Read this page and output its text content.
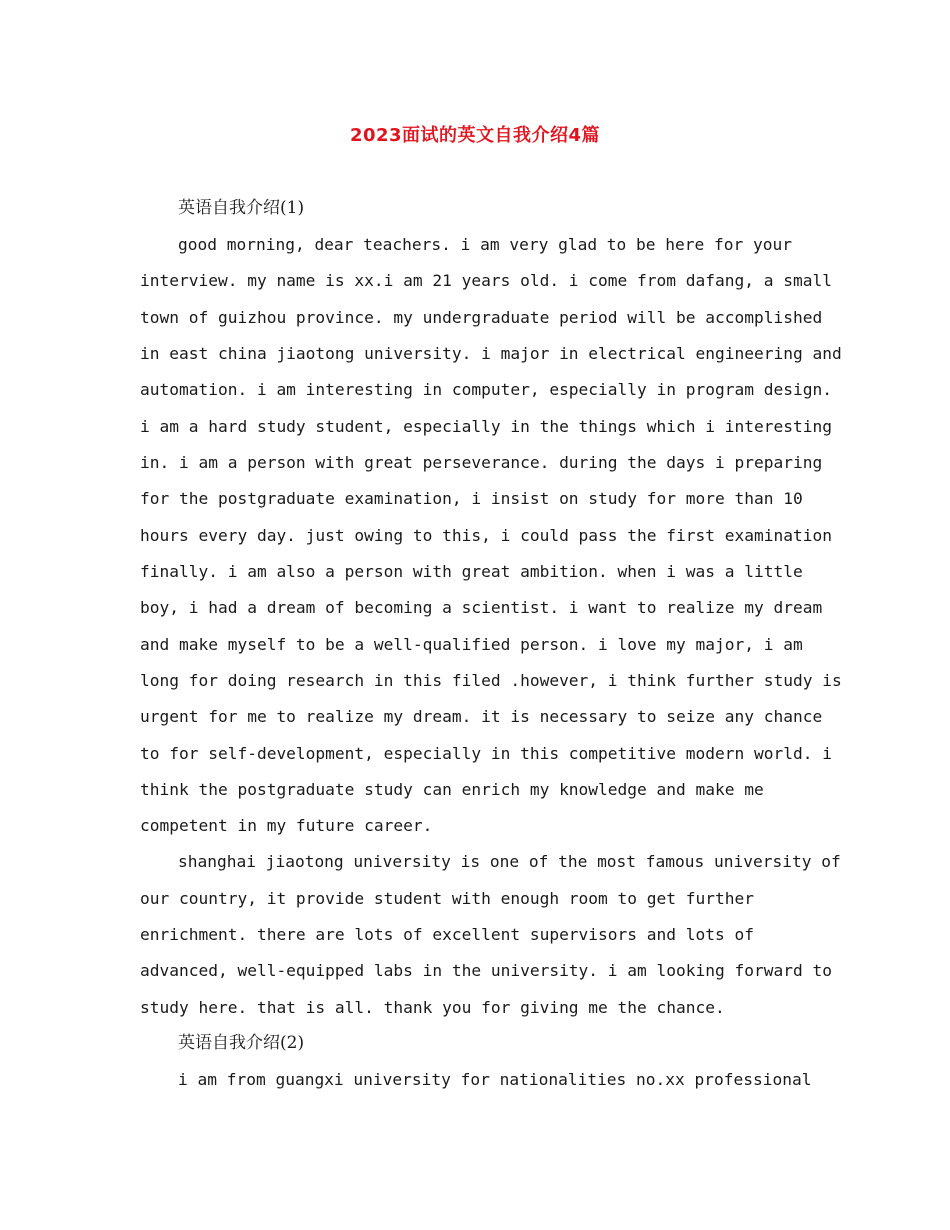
2023面试的英文自我介绍4篇
英语自我介绍(1)
good morning, dear teachers. i am very glad to be here for your
interview. my name is xx.i am 21 years old. i come from dafang, a small
town of guizhou province. my undergraduate period will be accomplished
in east china jiaotong university. i major in electrical engineering and
automation. i am interesting in computer, especially in program design.
i am a hard study student, especially in the things which i interesting
in. i am a person with great perseverance. during the days i preparing
for the postgraduate examination, i insist on study for more than 10
hours every day. just owing to this, i could pass the first examination
finally. i am also a person with great ambition. when i was a little
boy, i had a dream of becoming a scientist. i want to realize my dream
and make myself to be a well-qualified person. i love my major, i am
long for doing research in this filed .however, i think further study is
urgent for me to realize my dream. it is necessary to seize any chance
to for self-development, especially in this competitive modern world. i
think the postgraduate study can enrich my knowledge and make me
competent in my future career.
shanghai jiaotong university is one of the most famous university of
our country, it provide student with enough room to get further
enrichment. there are lots of excellent supervisors and lots of
advanced, well-equipped labs in the university. i am looking forward to
study here. that is all. thank you for giving me the chance.
英语自我介绍(2)
i am from guangxi university for nationalities no.xx professional
